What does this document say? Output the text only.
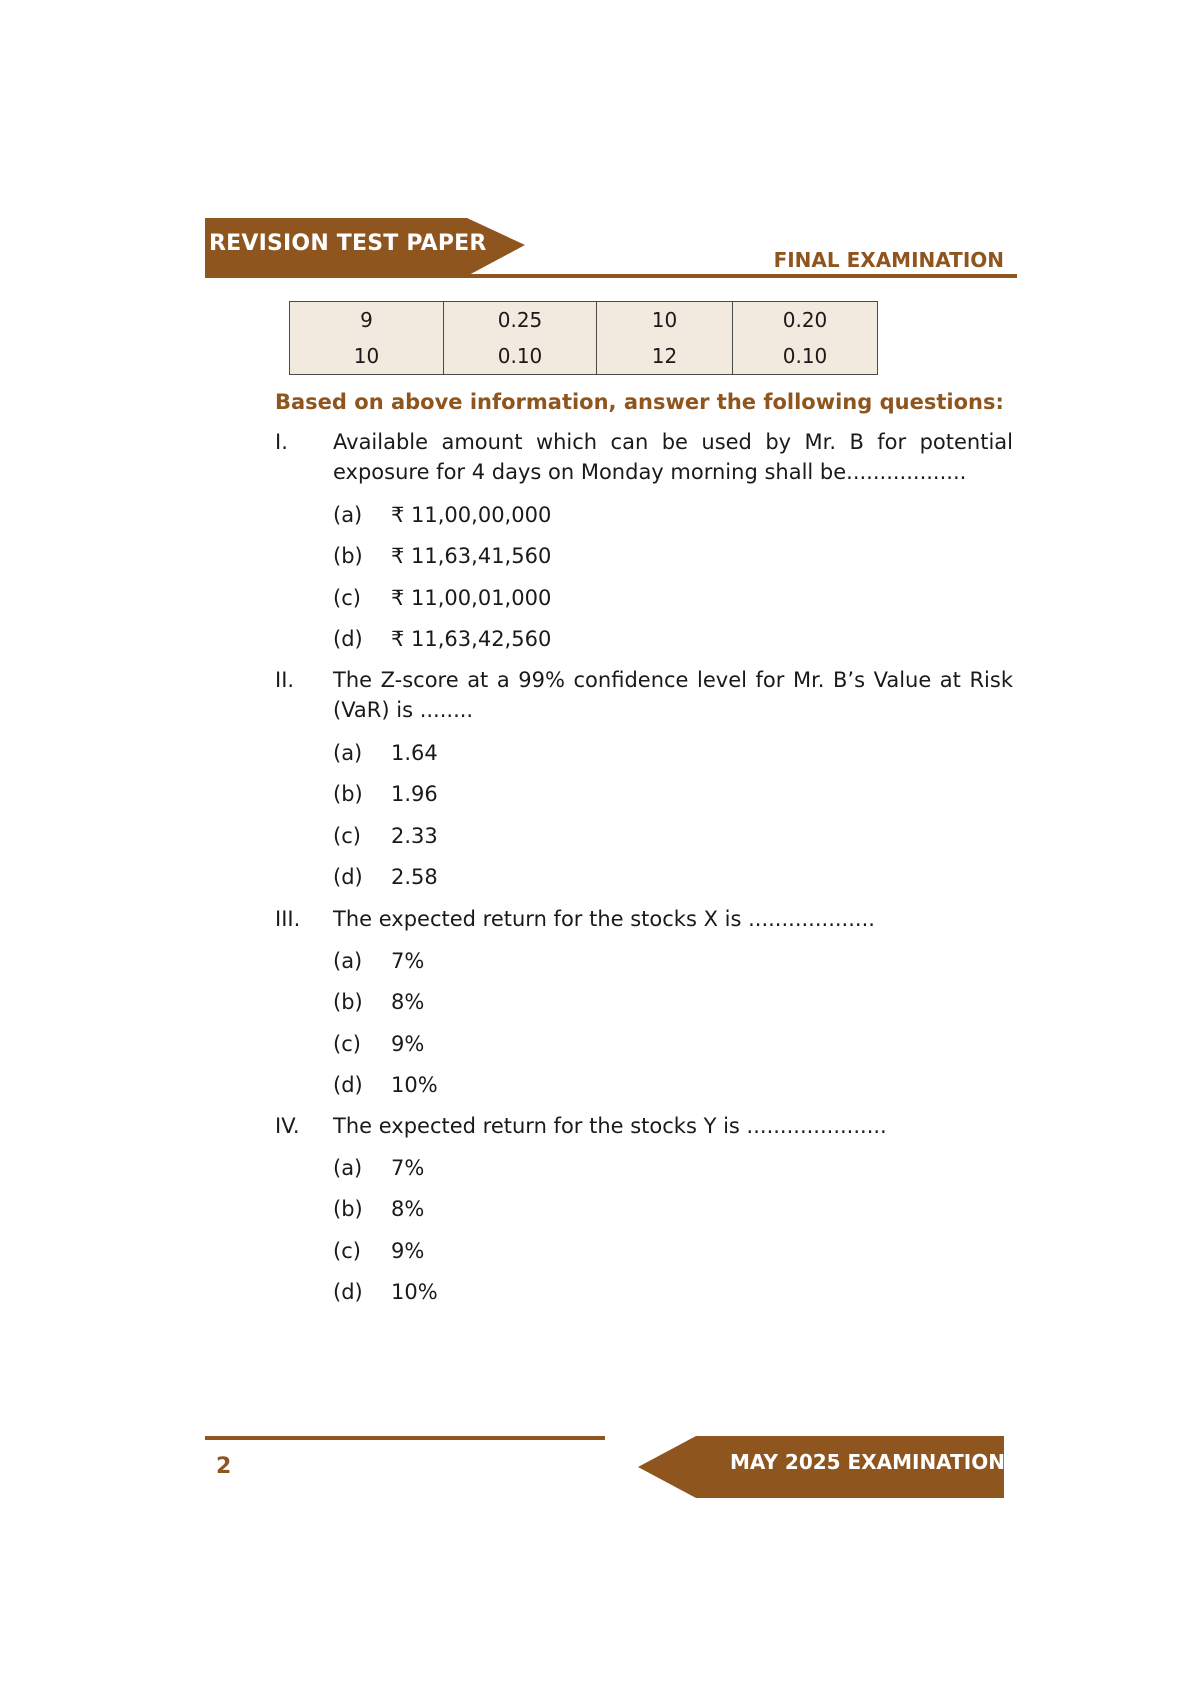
REVISION TEST PAPER
FINAL EXAMINATION
9	0.25	10	0.20
10	0.10	12	0.10
Based on above information, answer the following questions:
I. Available amount which can be used by Mr. B for potential exposure for 4 days on Monday morning shall be..................
(a) ₹ 11,00,00,000
(b) ₹ 11,63,41,560
(c) ₹ 11,00,01,000
(d) ₹ 11,63,42,560
II. The Z-score at a 99% confidence level for Mr. B’s Value at Risk (VaR) is ........
(a) 1.64
(b) 1.96
(c) 2.33
(d) 2.58
III. The expected return for the stocks X is ...................
(a) 7%
(b) 8%
(c) 9%
(d) 10%
IV. The expected return for the stocks Y is .....................
(a) 7%
(b) 8%
(c) 9%
(d) 10%
MAY 2025 EXAMINATION
2
